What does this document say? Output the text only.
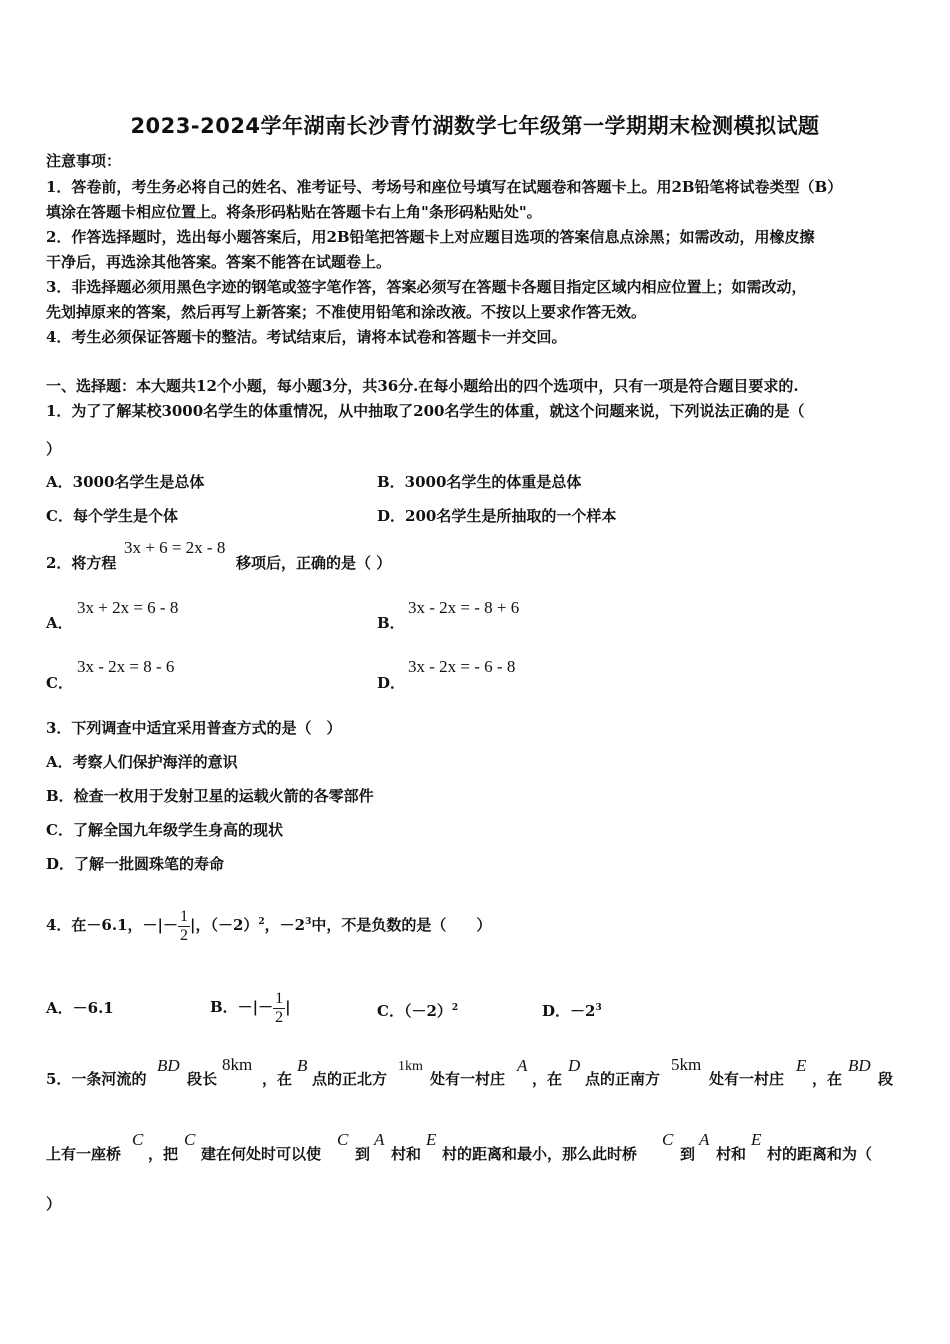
2023-2024学年湖南长沙青竹湖数学七年级第一学期期末检测模拟试题
注意事项：
1．答卷前，考生务必将自己的姓名、准考证号、考场号和座位号填写在试题卷和答题卡上。用2B铅笔将试卷类型（B）
填涂在答题卡相应位置上。将条形码粘贴在答题卡右上角"条形码粘贴处"。
2．作答选择题时，选出每小题答案后，用2B铅笔把答题卡上对应题目选项的答案信息点涂黑；如需改动，用橡皮擦
干净后，再选涂其他答案。答案不能答在试题卷上。
3．非选择题必须用黑色字迹的钢笔或签字笔作答，答案必须写在答题卡各题目指定区域内相应位置上；如需改动，
先划掉原来的答案，然后再写上新答案；不准使用铅笔和涂改液。不按以上要求作答无效。
4．考生必须保证答题卡的整洁。考试结束后，请将本试卷和答题卡一并交回。
一、选择题：本大题共12个小题，每小题3分，共36分.在每小题给出的四个选项中，只有一项是符合题目要求的.
1．为了了解某校3000名学生的体重情况，从中抽取了200名学生的体重，就这个问题来说，下列说法正确的是（
）
A．3000名学生是总体	B．3000名学生的体重是总体
C．每个学生是个体	D．200名学生是所抽取的一个样本
2．将方程
3x + 6 = 2x - 8
移项后，正确的是（ ）
A．
3x + 2x = 6 - 8
B．
3x - 2x = - 8 + 6
C．
3x - 2x = 8 - 6
D．
3x - 2x = - 6 - 8
3．下列调查中适宜采用普查方式的是（　）
A．考察人们保护海洋的意识
B．检查一枚用于发射卫星的运载火箭的各零部件
C．了解全国九年级学生身高的现状
D．了解一批圆珠笔的寿命
4．在－6.1，－|－ $\frac{1}{2}$ |，$(-2)^2$，$-2^3$中，不是负数的是（　　）
A．－6.1	B．－|－ $\frac{1}{2}$ |	C．$(-2)^2$	D．$-2^3$
5．一条河流的
BD
段长
8km
，在
B
点的正北方
1km
处有一村庄
A
，在
D
点的正南方
5km
处有一村庄
E
，在
BD
段
上有一座桥
C
，把
C
建在何处时可以使
C
到
A
村和
E
村的距离和最小，那么此时桥
C
到
A
村和
E
村的距离和为（
）
